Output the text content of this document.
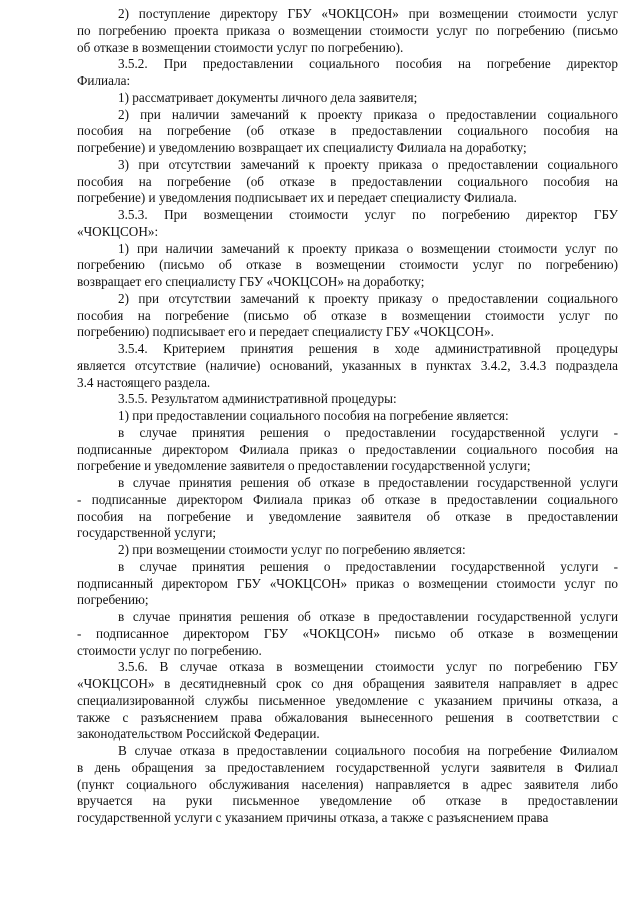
2) поступление директору ГБУ «ЧОКЦСОН» при возмещении стоимости услуг
по погребению проекта приказа о возмещении стоимости услуг по погребению (письмо
об отказе в возмещении стоимости услуг по погребению).
3.5.2. При предоставлении социального пособия на погребение директор
Филиала:
1) рассматривает документы личного дела заявителя;
2) при наличии замечаний к проекту приказа о предоставлении социального
пособия на погребение (об отказе в предоставлении социального пособия на
погребение) и уведомлению возвращает их специалисту Филиала на доработку;
3) при отсутствии замечаний к проекту приказа о предоставлении социального
пособия на погребение (об отказе в предоставлении социального пособия на
погребение) и уведомления подписывает их и передает специалисту Филиала.
3.5.3. При возмещении стоимости услуг по погребению директор ГБУ
«ЧОКЦСОН»:
1) при наличии замечаний к проекту приказа о возмещении стоимости услуг по
погребению (письмо об отказе в возмещении стоимости услуг по погребению)
возвращает его специалисту ГБУ «ЧОКЦСОН» на доработку;
2) при отсутствии замечаний к проекту приказу о предоставлении социального
пособия на погребение (письмо об отказе в возмещении стоимости услуг по
погребению) подписывает его и передает специалисту ГБУ «ЧОКЦСОН».
3.5.4. Критерием принятия решения в ходе административной процедуры
является отсутствие (наличие) оснований, указанных в пунктах 3.4.2, 3.4.3 подраздела
3.4 настоящего раздела.
3.5.5. Результатом административной процедуры:
1) при предоставлении социального пособия на погребение является:
в случае принятия решения о предоставлении государственной услуги -
подписанные директором Филиала приказ о предоставлении социального пособия на
погребение и уведомление заявителя о предоставлении государственной услуги;
в случае принятия решения об отказе в предоставлении государственной услуги
- подписанные директором Филиала приказ об отказе в предоставлении социального
пособия на погребение и уведомление заявителя об отказе в предоставлении
государственной услуги;
2) при возмещении стоимости услуг по погребению является:
в случае принятия решения о предоставлении государственной услуги -
подписанный директором ГБУ «ЧОКЦСОН» приказ о возмещении стоимости услуг по
погребению;
в случае принятия решения об отказе в предоставлении государственной услуги
- подписанное директором ГБУ «ЧОКЦСОН» письмо об отказе в возмещении
стоимости услуг по погребению.
3.5.6. В случае отказа в возмещении стоимости услуг по погребению ГБУ
«ЧОКЦСОН» в десятидневный срок со дня обращения заявителя направляет в адрес
специализированной службы письменное уведомление с указанием причины отказа, а
также с разъяснением права обжалования вынесенного решения в соответствии с
законодательством Российской Федерации.
В случае отказа в предоставлении социального пособия на погребение Филиалом
в день обращения за предоставлением государственной услуги заявителя в Филиал
(пункт социального обслуживания населения) направляется в адрес заявителя либо
вручается на руки письменное уведомление об отказе в предоставлении
государственной услуги с указанием причины отказа, а также с разъяснением права
